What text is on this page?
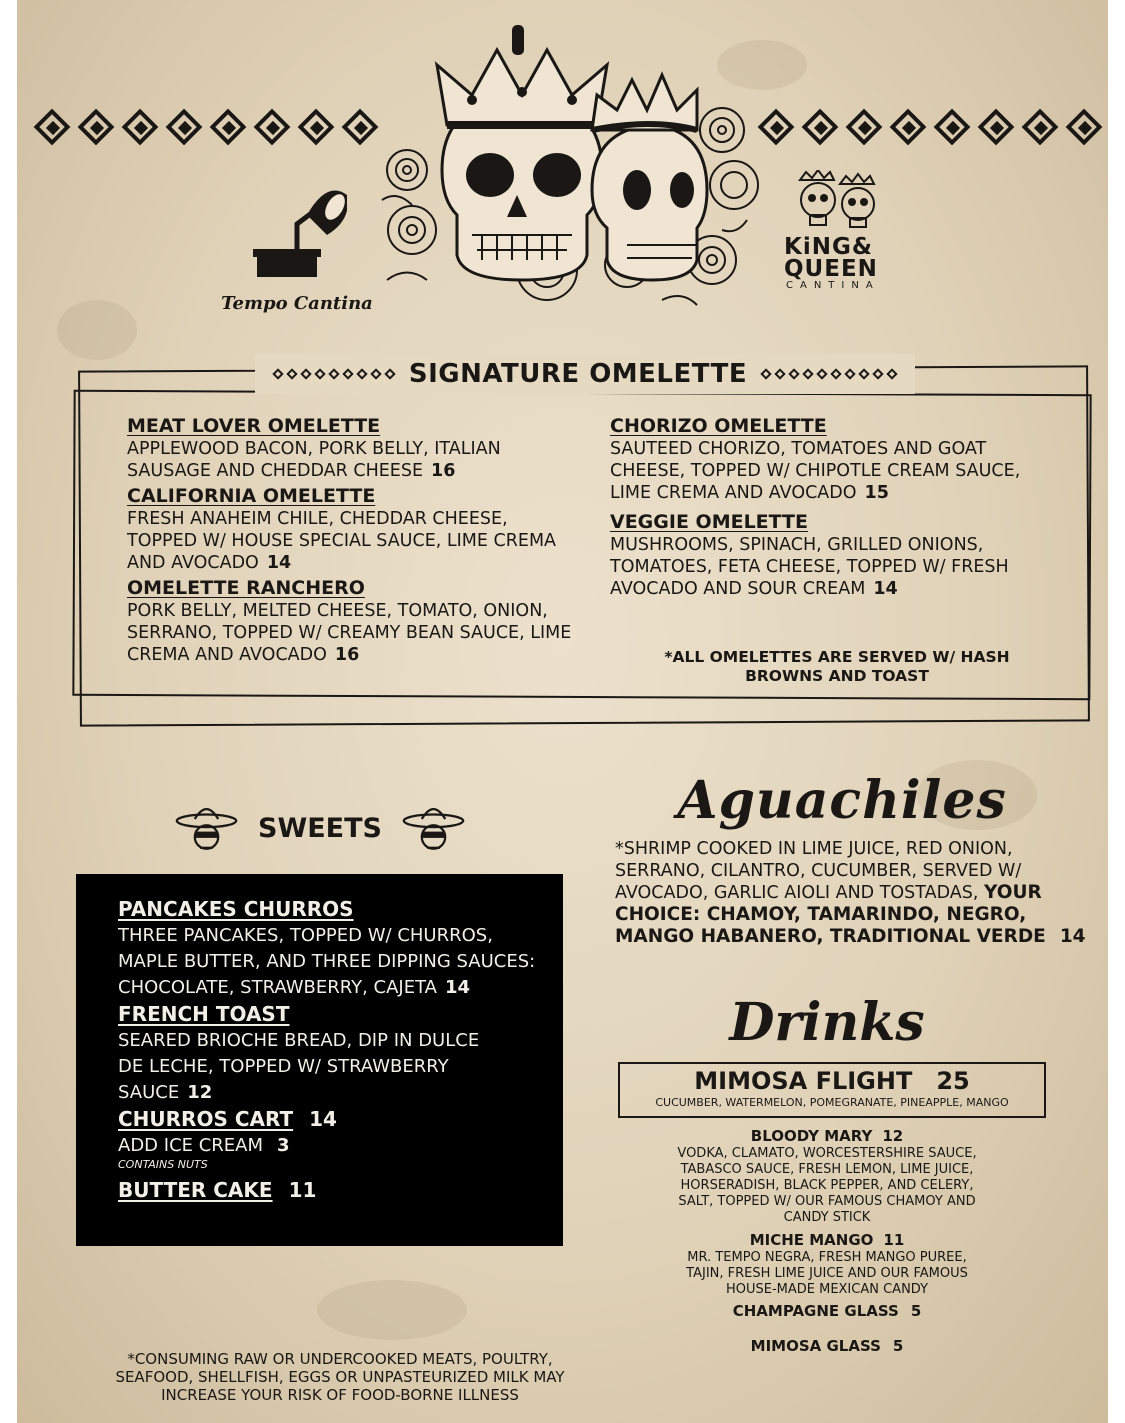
Tempo Cantina
KiNG&
QUEEN
CANTINA
SIGNATURE OMELETTE
MEAT LOVER OMELETTE
APPLEWOOD BACON, PORK BELLY, ITALIAN SAUSAGE AND CHEDDAR CHEESE 16
CALIFORNIA OMELETTE
FRESH ANAHEIM CHILE, CHEDDAR CHEESE, TOPPED W/ HOUSE SPECIAL SAUCE, LIME CREMA AND AVOCADO 14
OMELETTE RANCHERO
PORK BELLY, MELTED CHEESE, TOMATO, ONION, SERRANO, TOPPED W/ CREAMY BEAN SAUCE, LIME CREMA AND AVOCADO 16
CHORIZO OMELETTE
SAUTEED CHORIZO, TOMATOES AND GOAT CHEESE, TOPPED W/ CHIPOTLE CREAM SAUCE, LIME CREMA AND AVOCADO 15
VEGGIE OMELETTE
MUSHROOMS, SPINACH, GRILLED ONIONS, TOMATOES, FETA CHEESE, TOPPED W/ FRESH AVOCADO AND SOUR CREAM 14
*ALL OMELETTES ARE SERVED W/ HASH
BROWNS AND TOAST
SWEETS
PANCAKES CHURROS
THREE PANCAKES, TOPPED W/ CHURROS, MAPLE BUTTER, AND THREE DIPPING SAUCES: CHOCOLATE, STRAWBERRY, CAJETA 14
FRENCH TOAST
SEARED BRIOCHE BREAD, DIP IN DULCE DE LECHE, TOPPED W/ STRAWBERRY SAUCE 12
CHURROS CART 14
ADD ICE CREAM 3
CONTAINS NUTS
BUTTER CAKE 11
Aguachiles
*SHRIMP COOKED IN LIME JUICE, RED ONION, SERRANO, CILANTRO, CUCUMBER, SERVED W/ AVOCADO, GARLIC AIOLI AND TOSTADAS, YOUR CHOICE: CHAMOY, TAMARINDO, NEGRO, MANGO HABANERO, TRADITIONAL VERDE 14
Drinks
MIMOSA FLIGHT 25
CUCUMBER, WATERMELON, POMEGRANATE, PINEAPPLE, MANGO
BLOODY MARY 12
VODKA, CLAMATO, WORCESTERSHIRE SAUCE, TABASCO SAUCE, FRESH LEMON, LIME JUICE, HORSERADISH, BLACK PEPPER, AND CELERY, SALT, TOPPED W/ OUR FAMOUS CHAMOY AND CANDY STICK
MICHE MANGO 11
MR. TEMPO NEGRA, FRESH MANGO PUREE, TAJIN, FRESH LIME JUICE AND OUR FAMOUS HOUSE-MADE MEXICAN CANDY
CHAMPAGNE GLASS 5
MIMOSA GLASS 5
*CONSUMING RAW OR UNDERCOOKED MEATS, POULTRY, SEAFOOD, SHELLFISH, EGGS OR UNPASTEURIZED MILK MAY INCREASE YOUR RISK OF FOOD-BORNE ILLNESS
